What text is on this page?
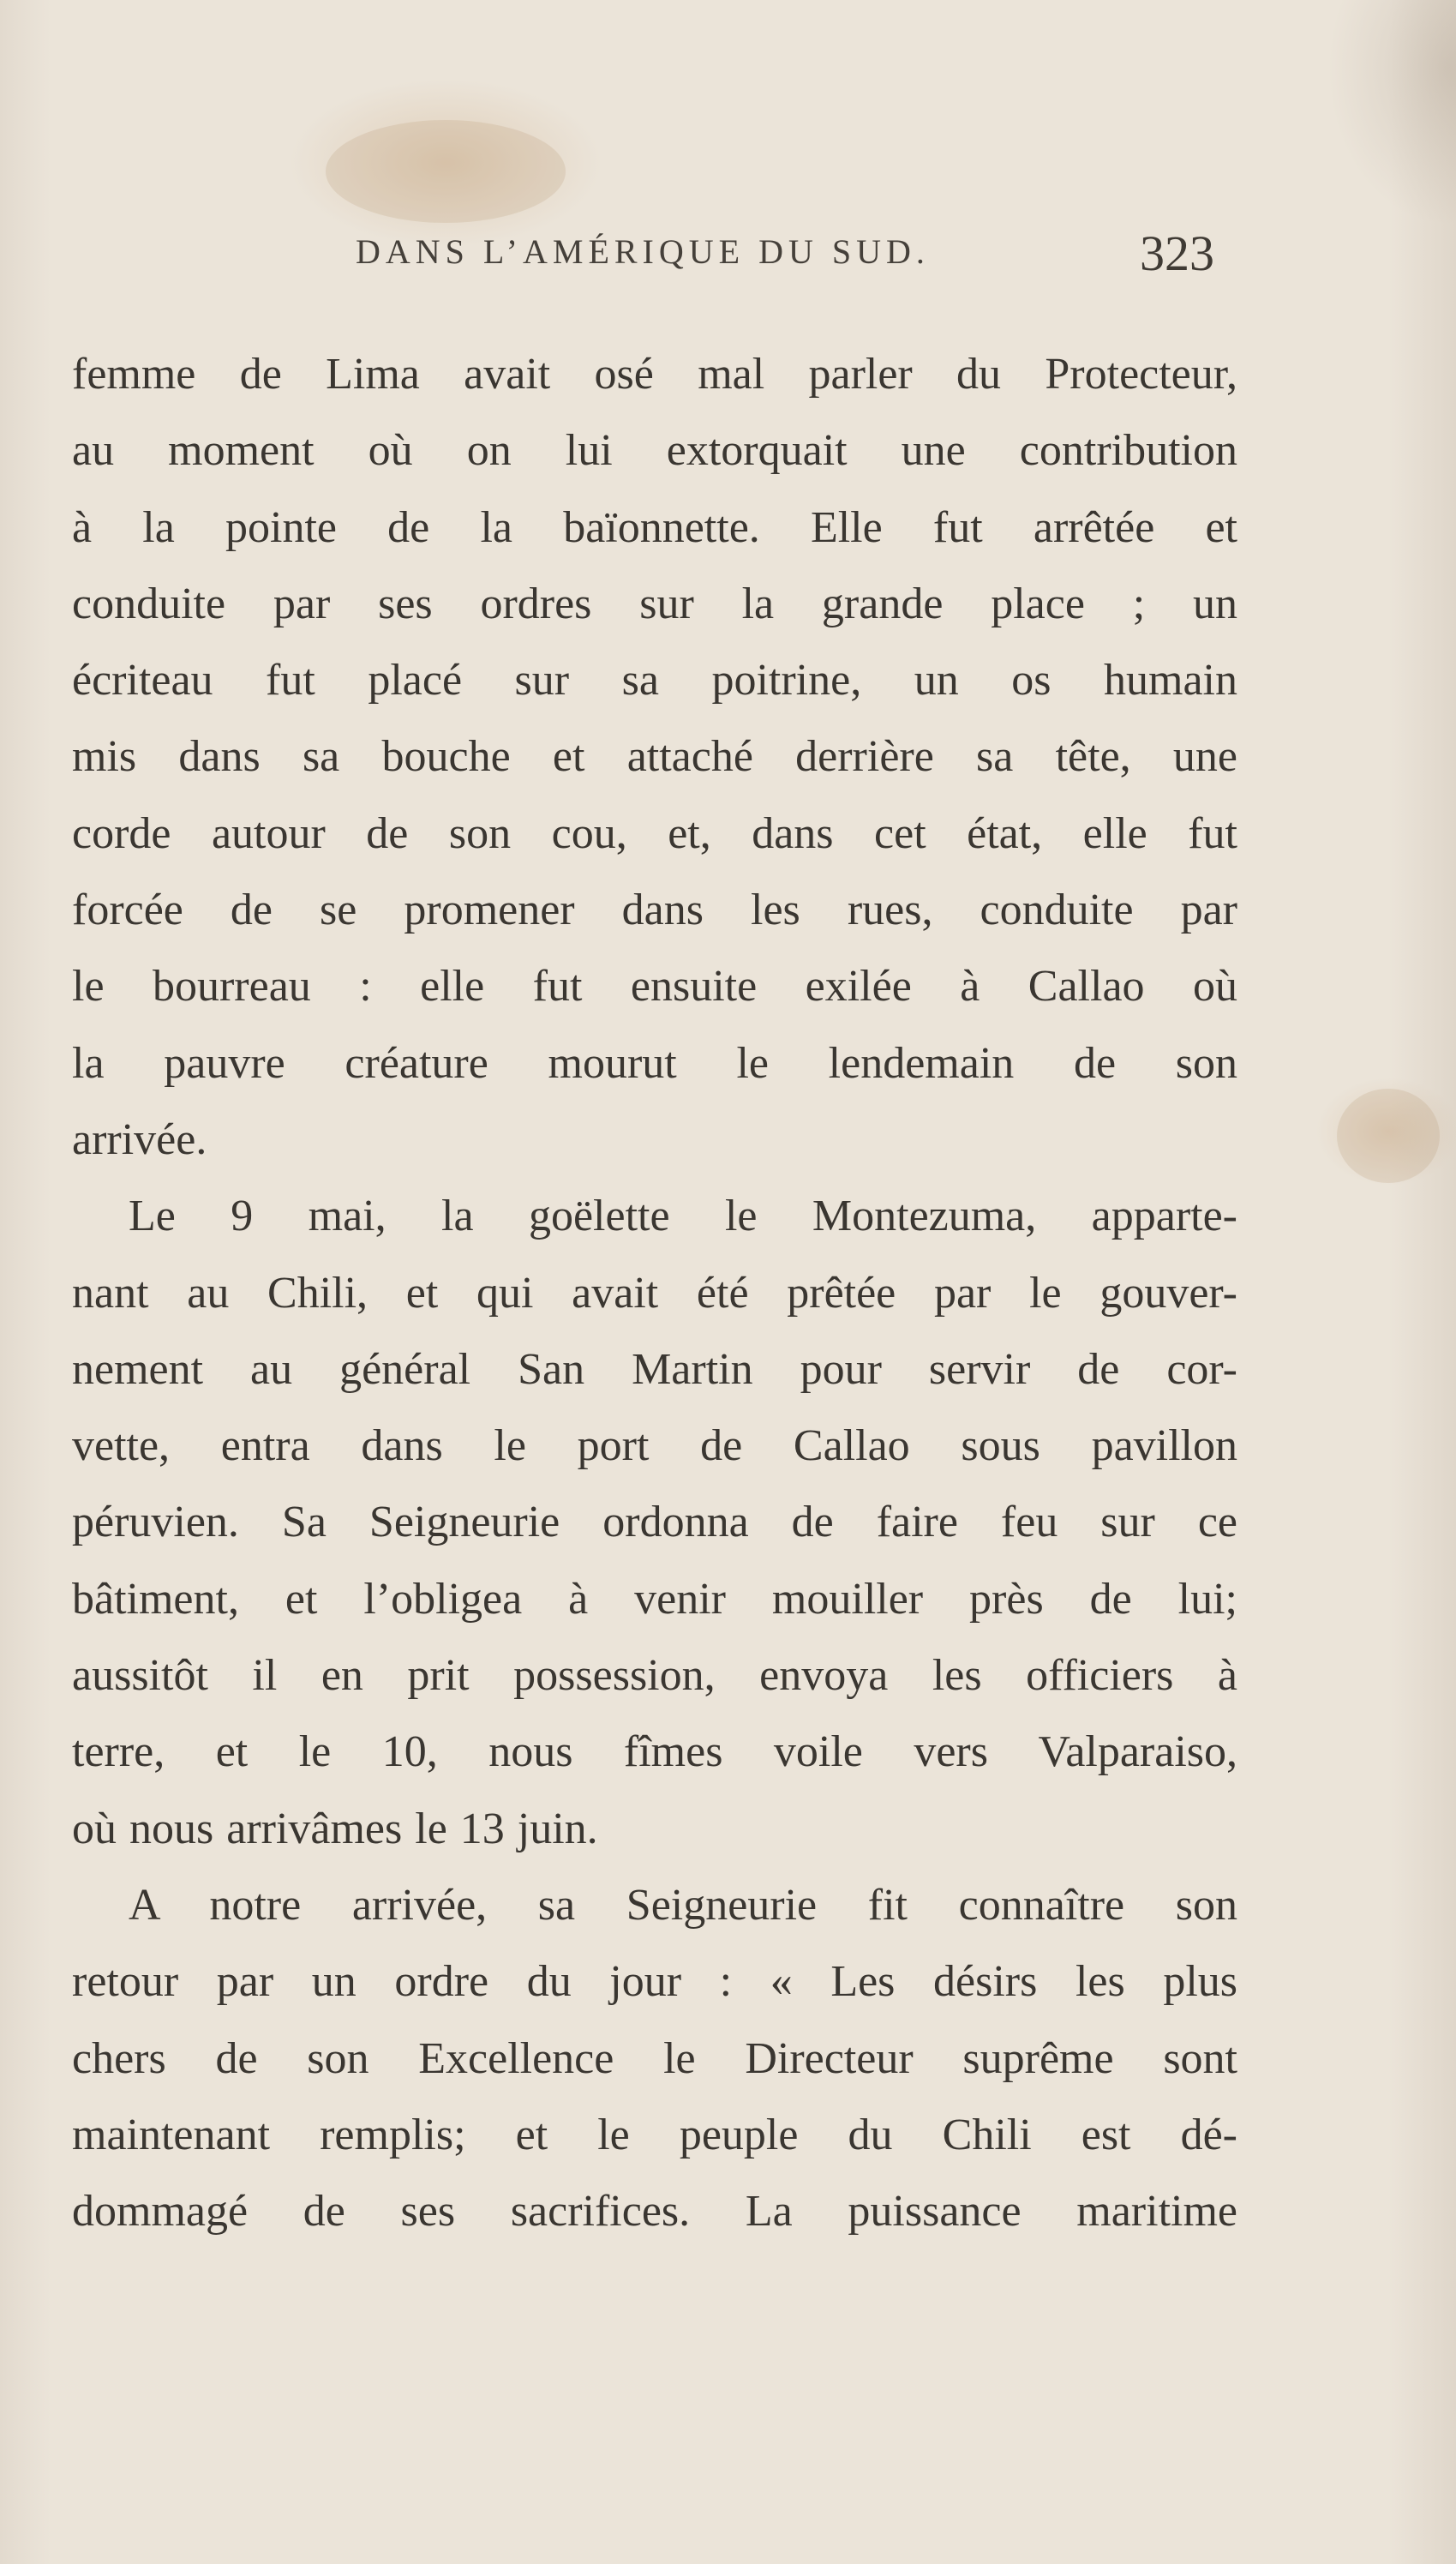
DANS L’AMÉRIQUE DU SUD.	323
femme de Lima avait osé mal parler du Protecteur,
au moment où on lui extorquait une contribution
à la pointe de la baïonnette. Elle fut arrêtée et
conduite par ses ordres sur la grande place ; un
écriteau fut placé sur sa poitrine, un os humain
mis dans sa bouche et attaché derrière sa tête, une
corde autour de son cou, et, dans cet état, elle fut
forcée de se promener dans les rues, conduite par
le bourreau : elle fut ensuite exilée à Callao où
la pauvre créature mourut le lendemain de son
arrivée.
Le 9 mai, la goëlette le Montezuma, apparte-
nant au Chili, et qui avait été prêtée par le gouver-
nement au général San Martin pour servir de cor-
vette, entra dans le port de Callao sous pavillon
péruvien. Sa Seigneurie ordonna de faire feu sur ce
bâtiment, et l’obligea à venir mouiller près de lui;
aussitôt il en prit possession, envoya les officiers à
terre, et le 10, nous fîmes voile vers Valparaiso,
où nous arrivâmes le 13 juin.
A notre arrivée, sa Seigneurie fit connaître son
retour par un ordre du jour : « Les désirs les plus
chers de son Excellence le Directeur suprême sont
maintenant remplis; et le peuple du Chili est dé-
dommagé de ses sacrifices. La puissance maritime
